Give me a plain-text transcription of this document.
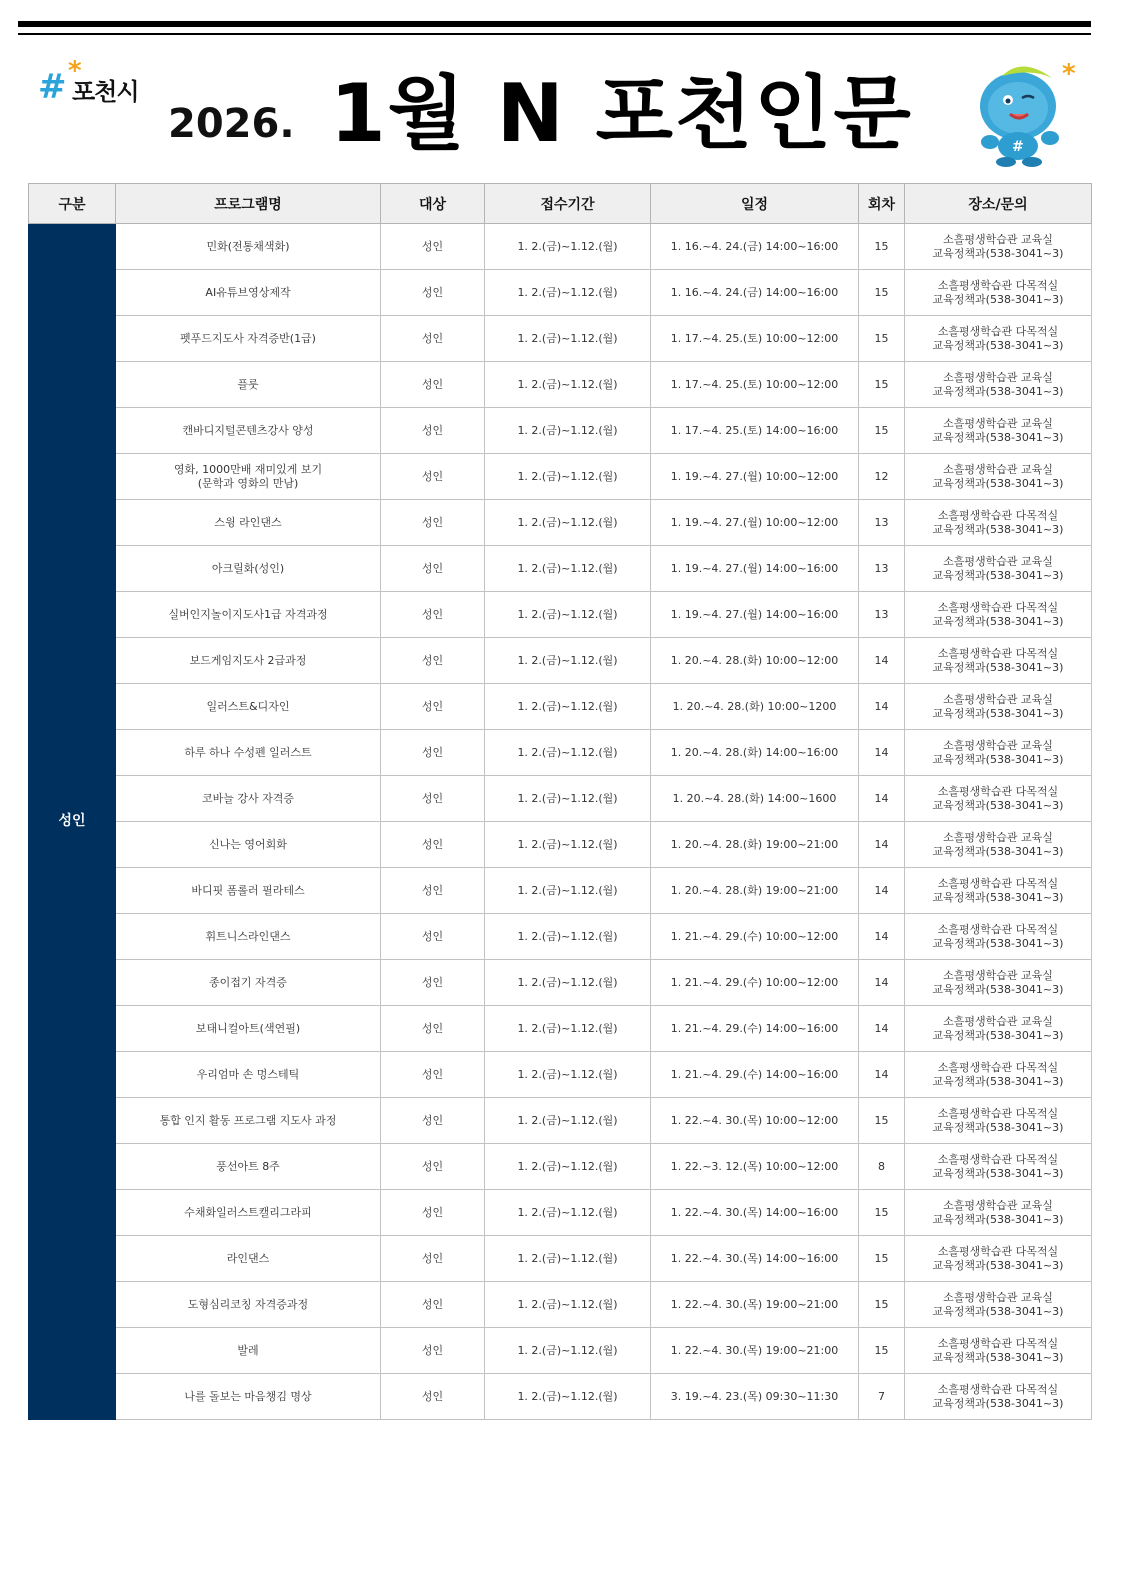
# *
포천시
2026. 1월 N 포천인문	#
*
구분	프로그램명	대상	접수기간	일정	회차	장소/문의

	민화(전통채색화)	성인	1. 2.(금)~1.12.(월)	1. 16.~4. 24.(금) 14:00~16:00	15	소흘평생학습관 교육실
교육정책과(538-3041~3)

	AI유튜브영상제작	성인	1. 2.(금)~1.12.(월)	1. 16.~4. 24.(금) 14:00~16:00	15	소흘평생학습관 다목적실
교육정책과(538-3041~3)

	펫푸드지도사 자격증반(1급)	성인	1. 2.(금)~1.12.(월)	1. 17.~4. 25.(토) 10:00~12:00	15	소흘평생학습관 다목적실
교육정책과(538-3041~3)

	플룻	성인	1. 2.(금)~1.12.(월)	1. 17.~4. 25.(토) 10:00~12:00	15	소흘평생학습관 교육실
교육정책과(538-3041~3)

	캔바디지털콘텐츠강사 양성	성인	1. 2.(금)~1.12.(월)	1. 17.~4. 25.(토) 14:00~16:00	15	소흘평생학습관 교육실
교육정책과(538-3041~3)

	영화, 1000만배 재미있게 보기
(문학과 영화의 만남)	성인	1. 2.(금)~1.12.(월)	1. 19.~4. 27.(월) 10:00~12:00	12	소흘평생학습관 교육실
교육정책과(538-3041~3)

	스윙 라인댄스	성인	1. 2.(금)~1.12.(월)	1. 19.~4. 27.(월) 10:00~12:00	13	소흘평생학습관 다목적실
교육정책과(538-3041~3)

성인	아크릴화(성인)	성인	1. 2.(금)~1.12.(월)	1. 19.~4. 27.(월) 14:00~16:00	13	소흘평생학습관 교육실
교육정책과(538-3041~3)

	실버인지놀이지도사1급 자격과정	성인	1. 2.(금)~1.12.(월)	1. 19.~4. 27.(월) 14:00~16:00	13	소흘평생학습관 다목적실
교육정책과(538-3041~3)

	보드게임지도사 2급과정	성인	1. 2.(금)~1.12.(월)	1. 20.~4. 28.(화) 10:00~12:00	14	소흘평생학습관 다목적실
교육정책과(538-3041~3)

	일러스트&디자인	성인	1. 2.(금)~1.12.(월)	1. 20.~4. 28.(화) 10:00~1200	14	소흘평생학습관 교육실
교육정책과(538-3041~3)

	하루 하나 수성펜 일러스트	성인	1. 2.(금)~1.12.(월)	1. 20.~4. 28.(화) 14:00~16:00	14	소흘평생학습관 교육실
교육정책과(538-3041~3)

	코바늘 강사 자격증	성인	1. 2.(금)~1.12.(월)	1. 20.~4. 28.(화) 14:00~1600	14	소흘평생학습관 다목적실
교육정책과(538-3041~3)

	신나는 영어회화	성인	1. 2.(금)~1.12.(월)	1. 20.~4. 28.(화) 19:00~21:00	14	소흘평생학습관 교육실
교육정책과(538-3041~3)

	바디핏 폼롤러 필라테스	성인	1. 2.(금)~1.12.(월)	1. 20.~4. 28.(화) 19:00~21:00	14	소흘평생학습관 다목적실
교육정책과(538-3041~3)

	휘트니스라인댄스	성인	1. 2.(금)~1.12.(월)	1. 21.~4. 29.(수) 10:00~12:00	14	소흘평생학습관 다목적실
교육정책과(538-3041~3)

	종이접기 자격증	성인	1. 2.(금)~1.12.(월)	1. 21.~4. 29.(수) 10:00~12:00	14	소흘평생학습관 교육실
교육정책과(538-3041~3)

	보태니컬아트(색연필)	성인	1. 2.(금)~1.12.(월)	1. 21.~4. 29.(수) 14:00~16:00	14	소흘평생학습관 교육실
교육정책과(538-3041~3)

	우리엄마 손 멍스테틱	성인	1. 2.(금)~1.12.(월)	1. 21.~4. 29.(수) 14:00~16:00	14	소흘평생학습관 다목적실
교육정책과(538-3041~3)

	통합 인지 활동 프로그램 지도사 과정	성인	1. 2.(금)~1.12.(월)	1. 22.~4. 30.(목) 10:00~12:00	15	소흘평생학습관 다목적실
교육정책과(538-3041~3)

	풍선아트 8주	성인	1. 2.(금)~1.12.(월)	1. 22.~3. 12.(목) 10:00~12:00	8	소흘평생학습관 다목적실
교육정책과(538-3041~3)

	수채화일러스트캘리그라피	성인	1. 2.(금)~1.12.(월)	1. 22.~4. 30.(목) 14:00~16:00	15	소흘평생학습관 교육실
교육정책과(538-3041~3)

	라인댄스	성인	1. 2.(금)~1.12.(월)	1. 22.~4. 30.(목) 14:00~16:00	15	소흘평생학습관 다목적실
교육정책과(538-3041~3)

	도형심리코칭 자격증과정	성인	1. 2.(금)~1.12.(월)	1. 22.~4. 30.(목) 19:00~21:00	15	소흘평생학습관 교육실
교육정책과(538-3041~3)

	발레	성인	1. 2.(금)~1.12.(월)	1. 22.~4. 30.(목) 19:00~21:00	15	소흘평생학습관 다목적실
교육정책과(538-3041~3)

	나를 돌보는 마음챙김 명상	성인	1. 2.(금)~1.12.(월)	3. 19.~4. 23.(목) 09:30~11:30	7	소흘평생학습관 다목적실
교육정책과(538-3041~3)
